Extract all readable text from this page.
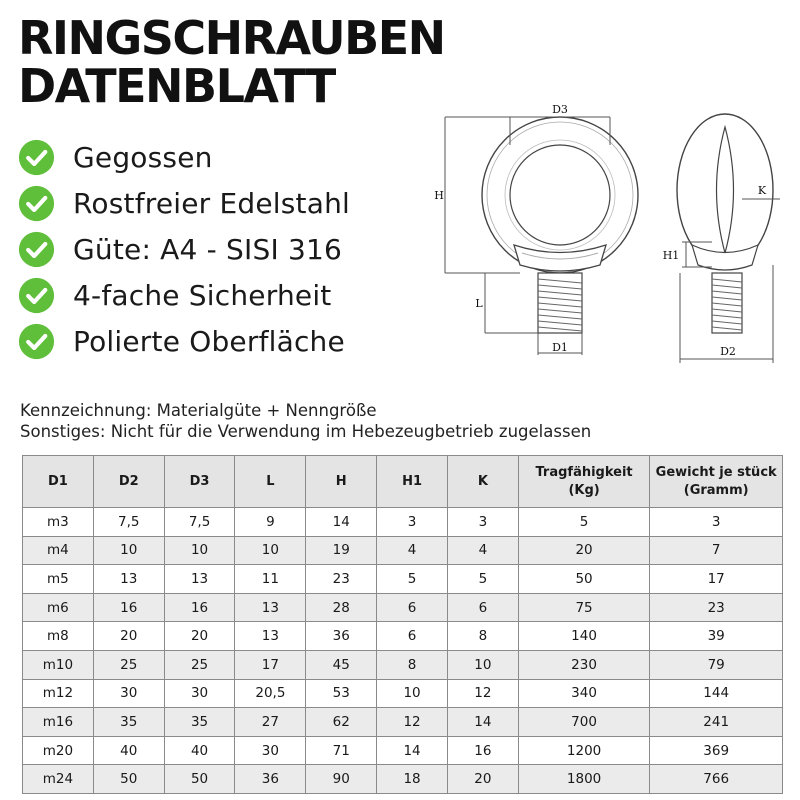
RINGSCHRAUBEN
DATENBLATT
Gegossen
Rostfreier Edelstahl
Güte: A4 - SISI 316
4-fache Sicherheit
Polierte Oberfläche
D3
H
L
D1
K
H1
D2
Kennzeichnung: Materialgüte + Nenngröße
Sonstiges: Nicht für die Verwendung im Hebezeugbetrieb zugelassen
D1	D2	D3	L	H	H1	K	Tragfähigkeit (Kg)	Gewicht je stück (Gramm)
m3	7,5	7,5	9	14	3	3	5	3
m4	10	10	10	19	4	4	20	7
m5	13	13	11	23	5	5	50	17
m6	16	16	13	28	6	6	75	23
m8	20	20	13	36	6	8	140	39
m10	25	25	17	45	8	10	230	79
m12	30	30	20,5	53	10	12	340	144
m16	35	35	27	62	12	14	700	241
m20	40	40	30	71	14	16	1200	369
m24	50	50	36	90	18	20	1800	766
